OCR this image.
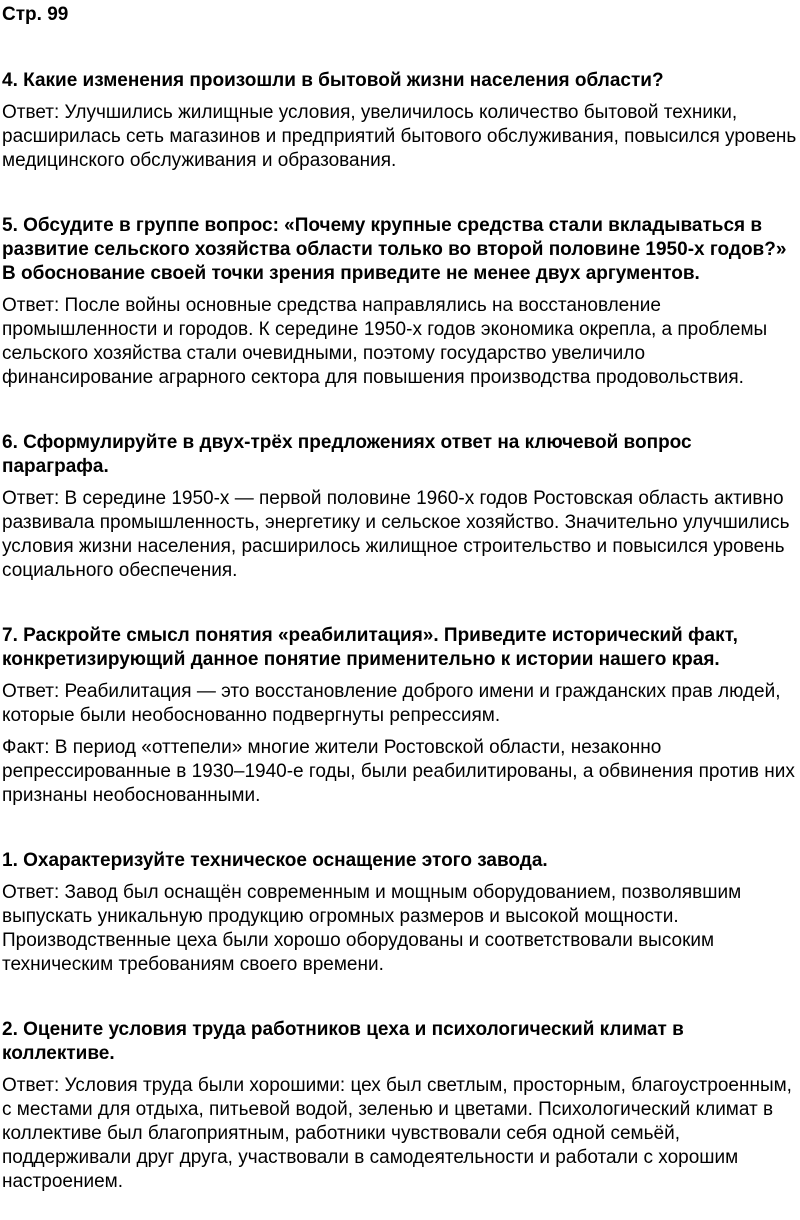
Стр. 99
4. Какие изменения произошли в бытовой жизни населения области?
Ответ: Улучшились жилищные условия, увеличилось количество бытовой техники, расширилась сеть магазинов и предприятий бытового обслуживания, повысился уровень медицинского обслуживания и образования.
5. Обсудите в группе вопрос: «Почему крупные средства стали вкладываться в развитие сельского хозяйства области только во второй половине 1950-х годов?» В обоснование своей точки зрения приведите не менее двух аргументов.
Ответ: После войны основные средства направлялись на восстановление промышленности и городов. К середине 1950-х годов экономика окрепла, а проблемы сельского хозяйства стали очевидными, поэтому государство увеличило финансирование аграрного сектора для повышения производства продовольствия.
6. Сформулируйте в двух-трёх предложениях ответ на ключевой вопрос параграфа.
Ответ: В середине 1950-х — первой половине 1960-х годов Ростовская область активно развивала промышленность, энергетику и сельское хозяйство. Значительно улучшились условия жизни населения, расширилось жилищное строительство и повысился уровень социального обеспечения.
7. Раскройте смысл понятия «реабилитация». Приведите исторический факт, конкретизирующий данное понятие применительно к истории нашего края.
Ответ: Реабилитация — это восстановление доброго имени и гражданских прав людей, которые были необоснованно подвергнуты репрессиям.
Факт: В период «оттепели» многие жители Ростовской области, незаконно репрессированные в 1930–1940-е годы, были реабилитированы, а обвинения против них признаны необоснованными.
1. Охарактеризуйте техническое оснащение этого завода.
Ответ: Завод был оснащён современным и мощным оборудованием, позволявшим выпускать уникальную продукцию огромных размеров и высокой мощности. Производственные цеха были хорошо оборудованы и соответствовали высоким техническим требованиям своего времени.
2. Оцените условия труда работников цеха и психологический климат в коллективе.
Ответ: Условия труда были хорошими: цех был светлым, просторным, благоустроенным, с местами для отдыха, питьевой водой, зеленью и цветами. Психологический климат в коллективе был благоприятным, работники чувствовали себя одной семьёй, поддерживали друг друга, участвовали в самодеятельности и работали с хорошим настроением.
